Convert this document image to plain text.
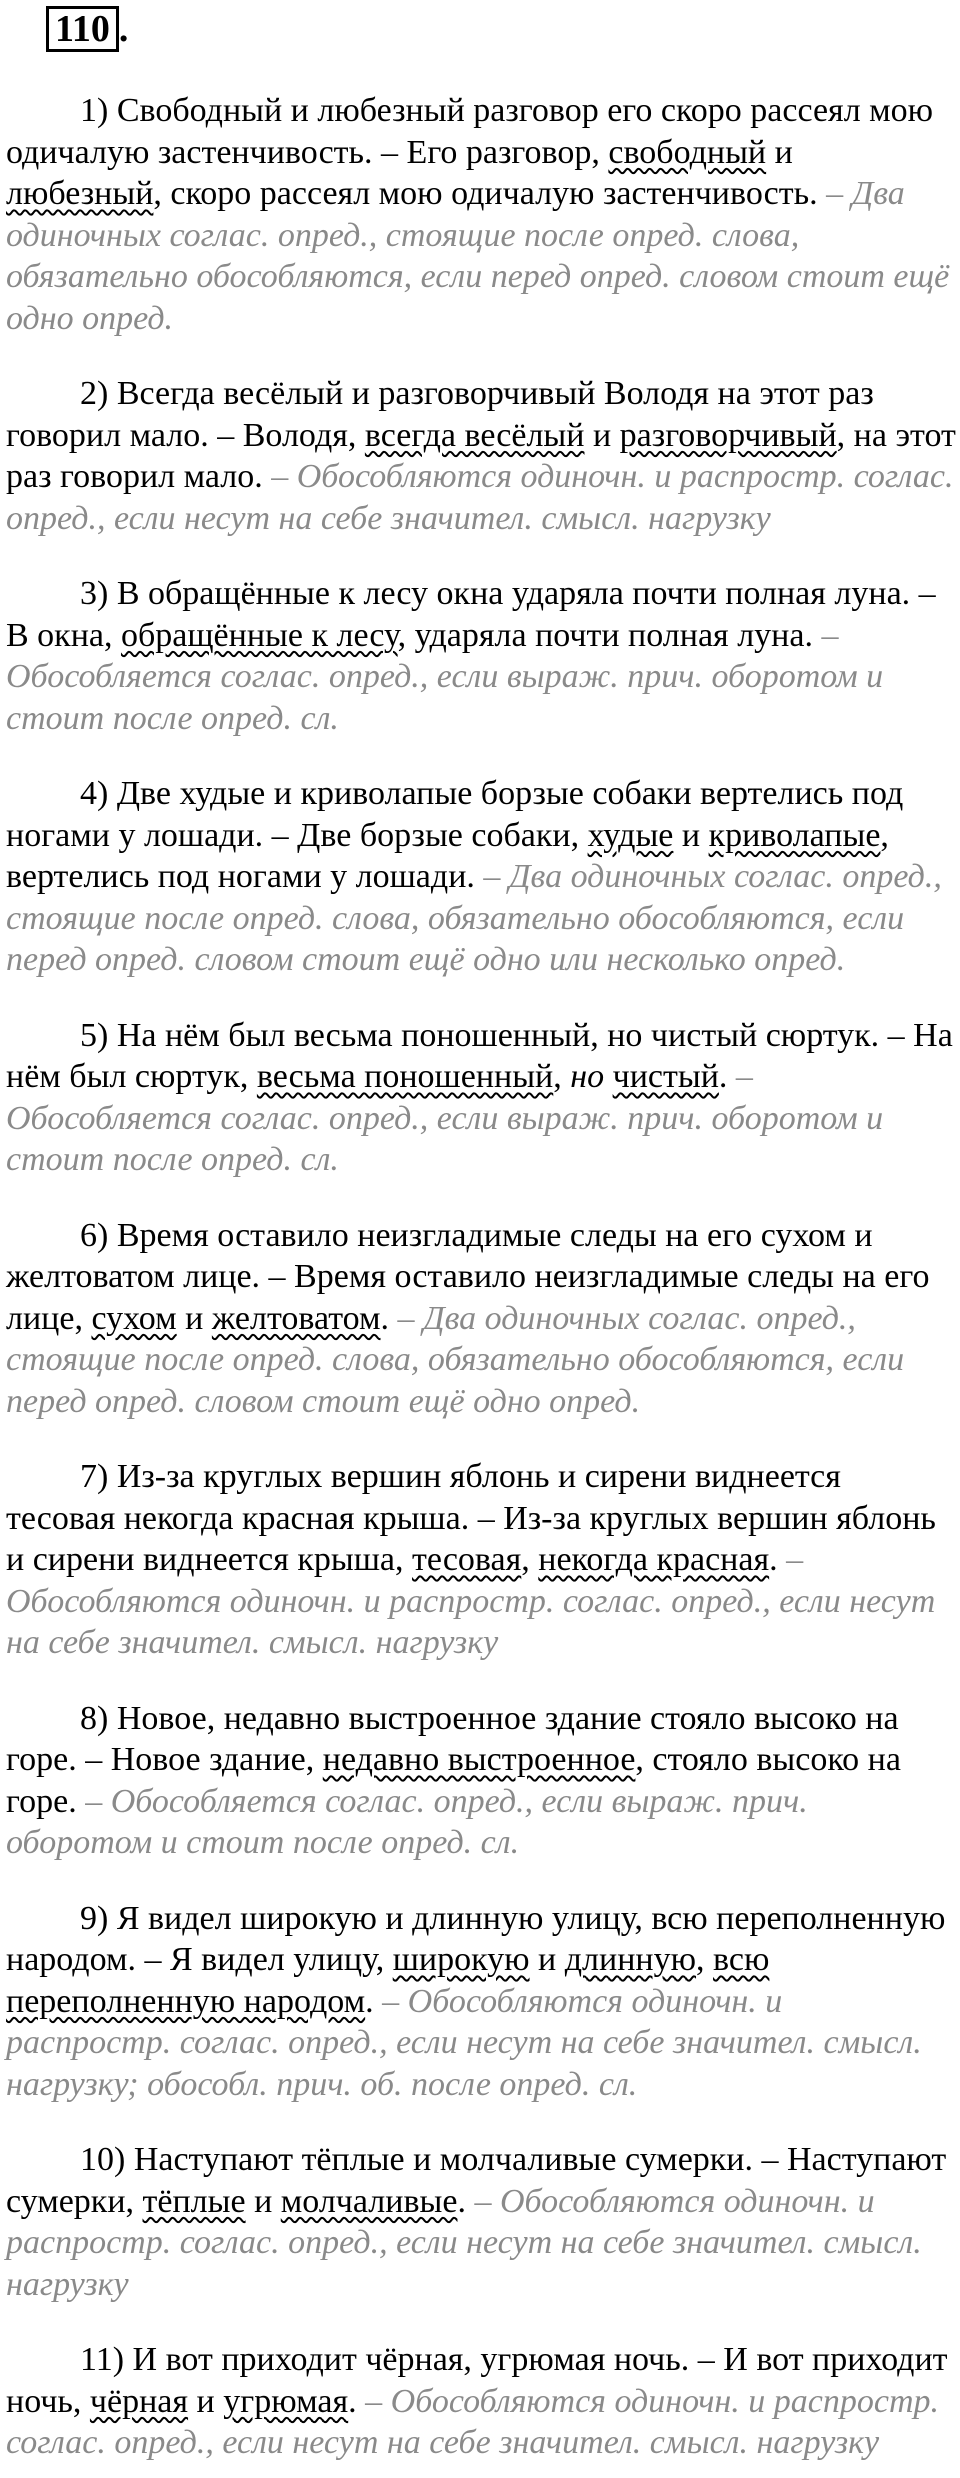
110 .

1) Свободный и любезный разговор его скоро рассеял мою одичалую застенчивость. – Его разговор, свободный и любезный, скоро рассеял мою одичалую застенчивость. – Два одиночных соглас. опред., стоящие после опред. слова, обязательно обособляются, если перед опред. словом стоит ещё одно опред.

2) Всегда весёлый и разговорчивый Володя на этот раз говорил мало. – Володя, всегда весёлый и разговорчивый, на этот раз говорил мало. – Обособляются одиночн. и распростр. соглас. опред., если несут на себе значител. смысл. нагрузку

3) В обращённые к лесу окна ударяла почти полная луна. – В окна, обращённые к лесу, ударяла почти полная луна. – Обособляется соглас. опред., если выраж. прич. оборотом и стоит после опред. сл.

4) Две худые и криволапые борзые собаки вертелись под ногами у лошади. – Две борзые собаки, худые и криволапые, вертелись под ногами у лошади. – Два одиночных соглас. опред., стоящие после опред. слова, обязательно обособляются, если перед опред. словом стоит ещё одно или несколько опред.

5) На нём был весьма поношенный, но чистый сюртук. – На нём был сюртук, весьма поношенный, но чистый. – Обособляется соглас. опред., если выраж. прич. оборотом и стоит после опред. сл.

6) Время оставило неизгладимые следы на его сухом и желтоватом лице. – Время оставило неизгладимые следы на его лице, сухом и желтоватом. – Два одиночных соглас. опред., стоящие после опред. слова, обязательно обособляются, если перед опред. словом стоит ещё одно опред.

7) Из-за круглых вершин яблонь и сирени виднеется тесовая некогда красная крыша. – Из-за круглых вершин яблонь и сирени виднеется крыша, тесовая, некогда красная. – Обособляются одиночн. и распростр. соглас. опред., если несут на себе значител. смысл. нагрузку

8) Новое, недавно выстроенное здание стояло высоко на горе. – Новое здание, недавно выстроенное, стояло высоко на горе. – Обособляется соглас. опред., если выраж. прич. оборотом и стоит после опред. сл.

9) Я видел широкую и длинную улицу, всю переполненную народом. – Я видел улицу, широкую и длинную, всю переполненную народом. – Обособляются одиночн. и распростр. соглас. опред., если несут на себе значител. смысл. нагрузку; обособл. прич. об. после опред. сл.

10) Наступают тёплые и молчаливые сумерки. – Наступают сумерки, тёплые и молчаливые. – Обособляются одиночн. и распростр. соглас. опред., если несут на себе значител. смысл. нагрузку

11) И вот приходит чёрная, угрюмая ночь. – И вот приходит ночь, чёрная и угрюмая. – Обособляются одиночн. и распростр. соглас. опред., если несут на себе значител. смысл. нагрузку
